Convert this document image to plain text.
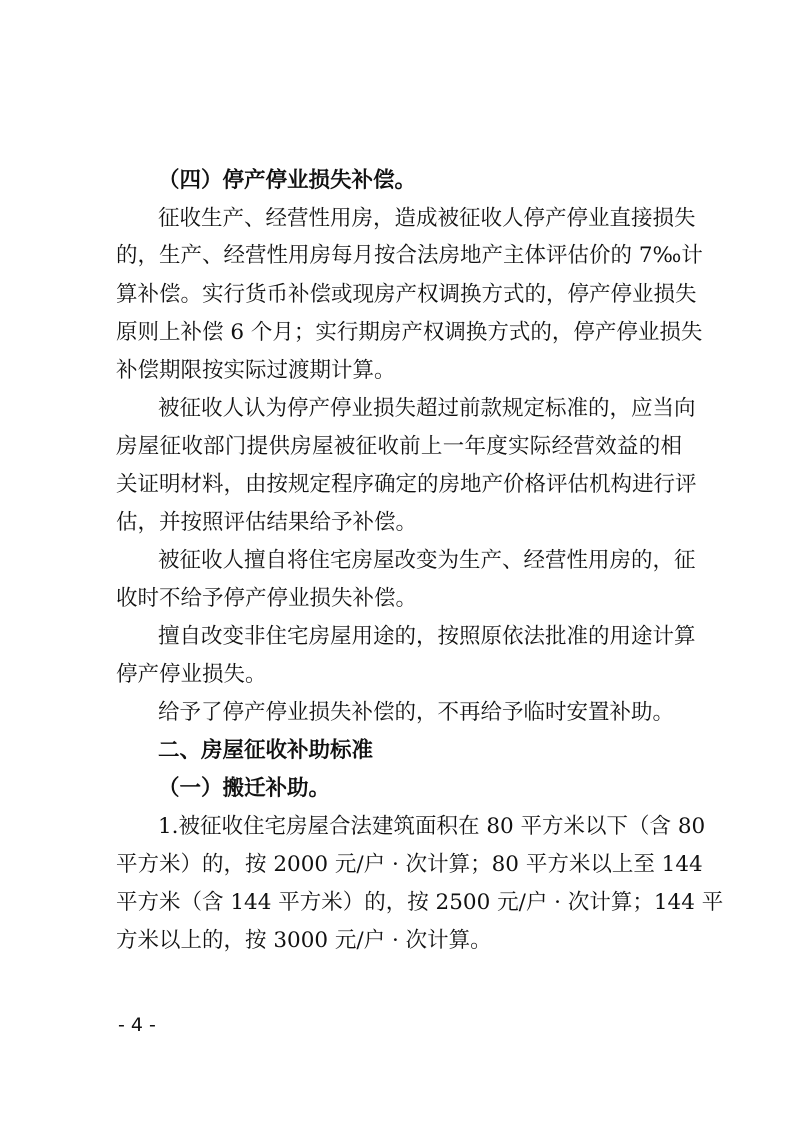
（四）停产停业损失补偿。
征收生产、经营性用房，造成被征收人停产停业直接损失
的，生产、经营性用房每月按合法房地产主体评估价的 7‰计
算补偿。实行货币补偿或现房产权调换方式的，停产停业损失
原则上补偿 6 个月；实行期房产权调换方式的，停产停业损失
补偿期限按实际过渡期计算。
被征收人认为停产停业损失超过前款规定标准的，应当向
房屋征收部门提供房屋被征收前上一年度实际经营效益的相
关证明材料，由按规定程序确定的房地产价格评估机构进行评
估，并按照评估结果给予补偿。
被征收人擅自将住宅房屋改变为生产、经营性用房的，征
收时不给予停产停业损失补偿。
擅自改变非住宅房屋用途的，按照原依法批准的用途计算
停产停业损失。
给予了停产停业损失补偿的，不再给予临时安置补助。
二、房屋征收补助标准
（一）搬迁补助。
1.被征收住宅房屋合法建筑面积在 80 平方米以下（含 80
平方米）的，按 2000 元/户 · 次计算；80 平方米以上至 144
平方米（含 144 平方米）的，按 2500 元/户 · 次计算；144 平
方米以上的，按 3000 元/户 · 次计算。
- 4 -
